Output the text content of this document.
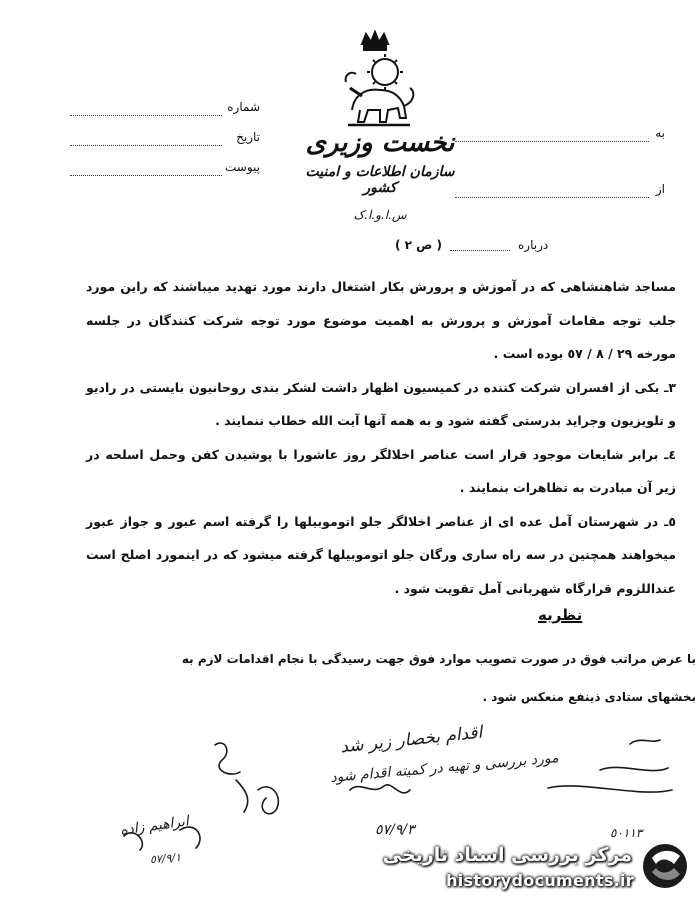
نخست وزیری
سازمان اطلاعات و امنیت کشور
س.ا.و.ا.ک
شماره
تاریخ
پیوست
به
از
درباره
( ص ٢ )

مساجد شاهنشاهی که در آموزش و پرورش بکار اشتغال دارند مورد تهدید میباشند که راین مورد جلب توجه مقامات آموزش و پرورش به اهمیت موضوع مورد توجه شرکت کنندگان در جلسه مورخه ٢٩ / ٨ / ٥٧ بوده است .

٣ـ یکی از افسران شرکت کننده در کمیسیون اظهار داشت لشکر بندی روحانیون بایستی در رادیو و تلویزیون وجراید بدرستی گفته شود و به همه آنها آیت الله خطاب ننمایند .

٤ـ برابر شایعات موجود قرار است عناصر اخلالگر روز عاشورا با پوشیدن کفن وحمل اسلحه در زیر آن مبادرت به تظاهرات بنمایند .

٥ـ در شهرستان آمل عده ای از عناصر اخلالگر جلو اتوموبیلها را گرفته اسم عبور و جواز عبور میخواهند همچنین در سه راه ساری ورگان جلو اتوموبیلها گرفته میشود که در اینمورد اصلح است عنداللزوم قرارگاه شهربانی آمل تقویت شود .

نظریه

با عرض مراتب فوق در صورت تصویب موارد فوق جهت رسیدگی با نجام اقدامات لازم به

بخشهای ستادی ذینفع منعکس شود .

اقدام بخصار زیر شد
مورد بررسی و تهیه در کمیته اقدام شود
٥٧/٩/٣	٥٠١١٣
ابراهیم زاده
٥٧/٩/١	مرکز بررسی اسناد تاریخی
historydocuments.ir
